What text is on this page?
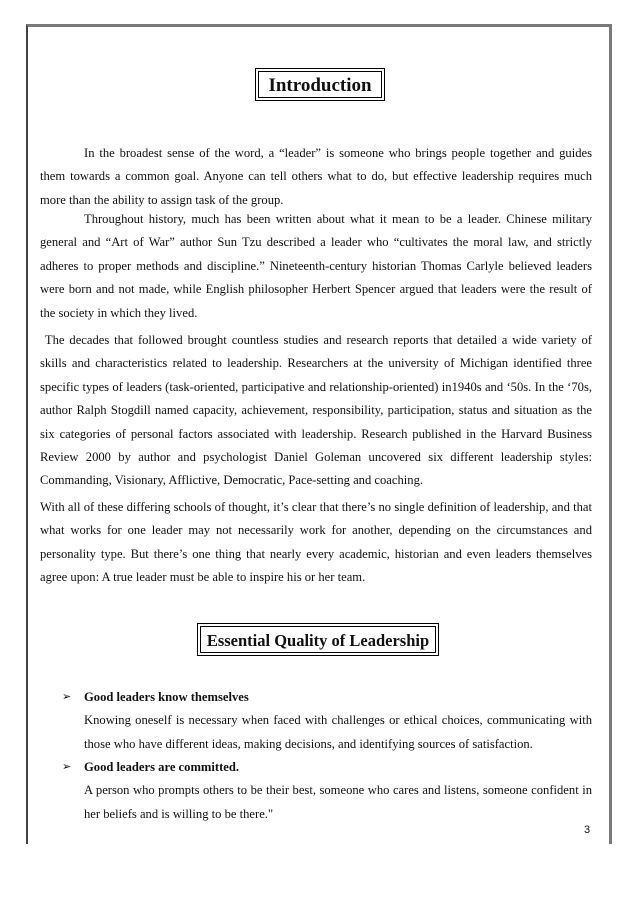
Introduction

In the broadest sense of the word, a “leader” is someone who brings people together and guides them towards a common goal. Anyone can tell others what to do, but effective leadership requires much more than the ability to assign task of the group.

Throughout history, much has been written about what it mean to be a leader. Chinese military general and “Art of War” author Sun Tzu described a leader who “cultivates the moral law, and strictly adheres to proper methods and discipline.” Nineteenth-century historian Thomas Carlyle believed leaders were born and not made, while English philosopher Herbert Spencer argued that leaders were the result of the society in which they lived.

The decades that followed brought countless studies and research reports that detailed a wide variety of skills and characteristics related to leadership. Researchers at the university of Michigan identified three specific types of leaders (task-oriented, participative and relationship-oriented) in1940s and ‘50s. In the ‘70s, author Ralph Stogdill named capacity, achievement, responsibility, participation, status and situation as the six categories of personal factors associated with leadership. Research published in the Harvard Business Review 2000 by author and psychologist Daniel Goleman uncovered six different leadership styles: Commanding, Visionary, Afflictive, Democratic, Pace-setting and coaching.

With all of these differing schools of thought, it’s clear that there’s no single definition of leadership, and that what works for one leader may not necessarily work for another, depending on the circumstances and personality type. But there’s one thing that nearly every academic, historian and even leaders themselves agree upon: A true leader must be able to inspire his or her team.

Essential Quality of Leadership
➢	Good leaders know themselves
Knowing oneself is necessary when faced with challenges or ethical choices, communicating with those who have different ideas, making decisions, and identifying sources of satisfaction.
➢	Good leaders are committed.
A person who prompts others to be their best, someone who cares and listens, someone confident in her beliefs and is willing to be there."
3
